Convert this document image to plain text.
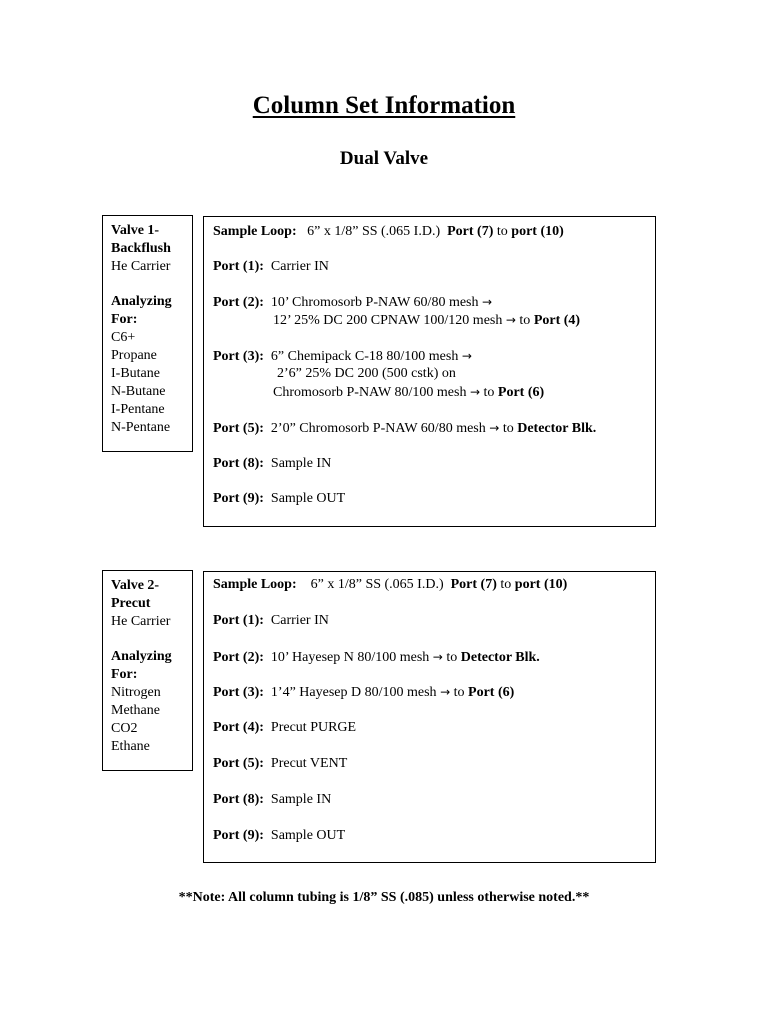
Column Set Information
Dual Valve
Valve 1-
Backflush
He Carrier
Analyzing
For:
C6+
Propane
I-Butane
N-Butane
I-Pentane
N-Pentane
Sample Loop: 6” x 1/8” SS (.065 I.D.) Port (7) to port (10)
Port (1): Carrier IN
Port (2): 10’ Chromosorb P-NAW 60/80 mesh →
12’ 25% DC 200 CPNAW 100/120 mesh → to Port (4)
Port (3): 6” Chemipack C-18 80/100 mesh →
2’6” 25% DC 200 (500 cstk) on
Chromosorb P-NAW 80/100 mesh → to Port (6)
Port (5): 2’0” Chromosorb P-NAW 60/80 mesh → to Detector Blk.
Port (8): Sample IN
Port (9): Sample OUT
Valve 2-
Precut
He Carrier
Analyzing
For:
Nitrogen
Methane
CO2
Ethane
Sample Loop: 6” x 1/8” SS (.065 I.D.) Port (7) to port (10)
Port (1): Carrier IN
Port (2): 10’ Hayesep N 80/100 mesh → to Detector Blk.
Port (3): 1’4” Hayesep D 80/100 mesh → to Port (6)
Port (4): Precut PURGE
Port (5): Precut VENT
Port (8): Sample IN
Port (9): Sample OUT
**Note: All column tubing is 1/8” SS (.085) unless otherwise noted.**
